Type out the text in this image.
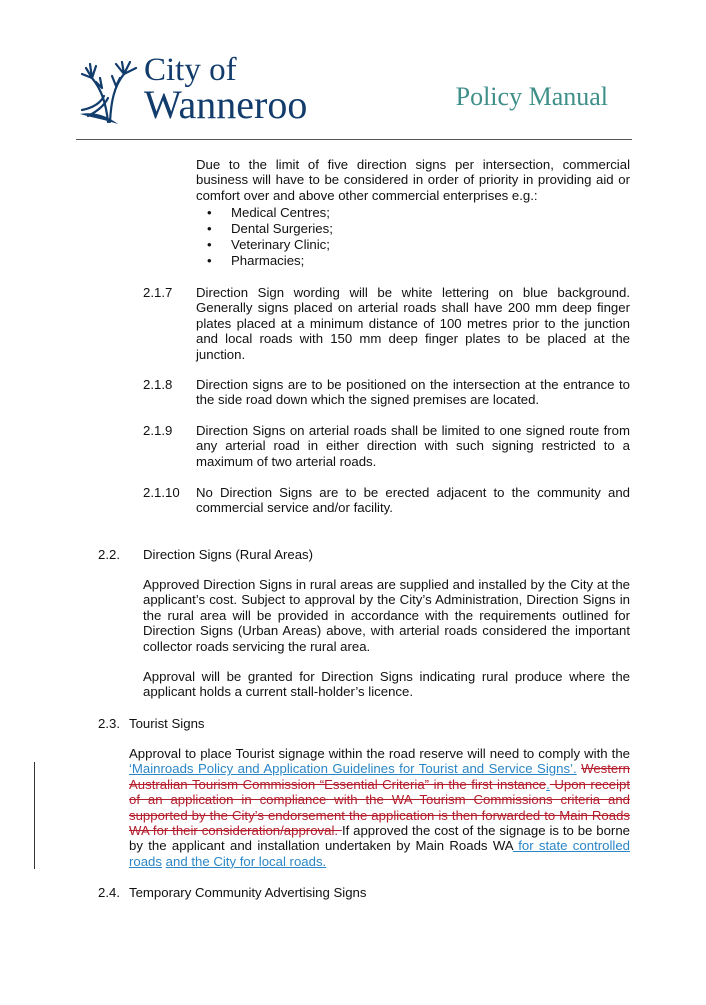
City of
Wanneroo	Policy Manual
Due to the limit of five direction signs per intersection, commercial business will have to be considered in order of priority in providing aid or comfort over and above other commercial enterprises e.g.:
• Medical Centres;
• Dental Surgeries;
• Veterinary Clinic;
• Pharmacies;
2.1.7 Direction Sign wording will be white lettering on blue background. Generally signs placed on arterial roads shall have 200 mm deep finger plates placed at a minimum distance of 100 metres prior to the junction and local roads with 150 mm deep finger plates to be placed at the junction.
2.1.8 Direction signs are to be positioned on the intersection at the entrance to the side road down which the signed premises are located.
2.1.9 Direction Signs on arterial roads shall be limited to one signed route from any arterial road in either direction with such signing restricted to a maximum of two arterial roads.
2.1.10 No Direction Signs are to be erected adjacent to the community and commercial service and/or facility.
2.2. Direction Signs (Rural Areas)
Approved Direction Signs in rural areas are supplied and installed by the City at the applicant’s cost. Subject to approval by the City’s Administration, Direction Signs in the rural area will be provided in accordance with the requirements outlined for Direction Signs (Urban Areas) above, with arterial roads considered the important collector roads servicing the rural area.
Approval will be granted for Direction Signs indicating rural produce where the applicant holds a current stall-holder’s licence.
2.3. Tourist Signs
Approval to place Tourist signage within the road reserve will need to comply with the ‘Mainroads Policy and Application Guidelines for Tourist and Service Signs’. Western Australian Tourism Commission “Essential Criteria” in the first instance. Upon receipt of an application in compliance with the WA Tourism Commissions criteria and supported by the City’s endorsement the application is then forwarded to Main Roads WA for their consideration/approval. If approved the cost of the signage is to be borne by the applicant and installation undertaken by Main Roads WA for state controlled roads and the City for local roads.
2.4. Temporary Community Advertising Signs
